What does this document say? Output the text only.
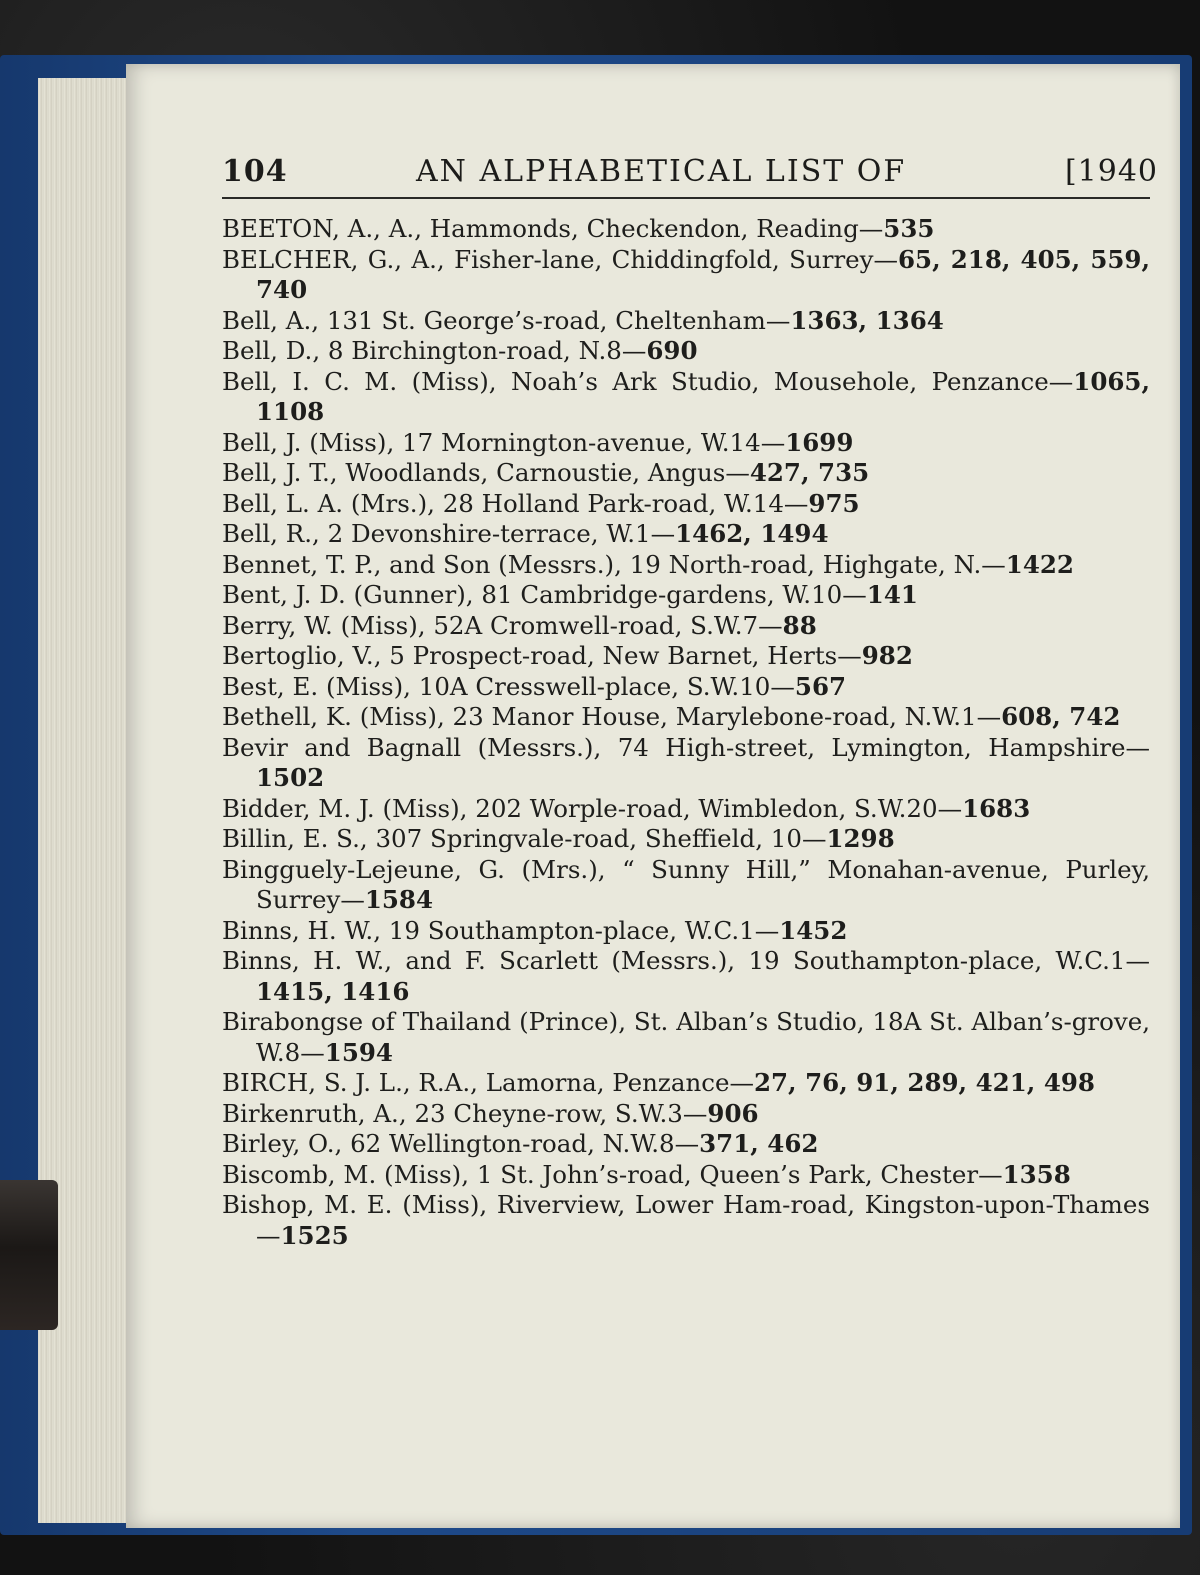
104	AN ALPHABETICAL LIST OF	[1940
BEETON, A., A., Hammonds, Checkendon, Reading—535
BELCHER, G., A., Fisher-lane, Chiddingfold, Surrey—65, 218, 405, 559, 740
Bell, A., 131 St. George’s-road, Cheltenham—1363, 1364
Bell, D., 8 Birchington-road, N.8—690
Bell, I. C. M. (Miss), Noah’s Ark Studio, Mousehole, Penzance—1065, 1108
Bell, J. (Miss), 17 Mornington-avenue, W.14—1699
Bell, J. T., Woodlands, Carnoustie, Angus—427, 735
Bell, L. A. (Mrs.), 28 Holland Park-road, W.14—975
Bell, R., 2 Devonshire-terrace, W.1—1462, 1494
Bennet, T. P., and Son (Messrs.), 19 North-road, Highgate, N.—1422
Bent, J. D. (Gunner), 81 Cambridge-gardens, W.10—141
Berry, W. (Miss), 52A Cromwell-road, S.W.7—88
Bertoglio, V., 5 Prospect-road, New Barnet, Herts—982
Best, E. (Miss), 10A Cresswell-place, S.W.10—567
Bethell, K. (Miss), 23 Manor House, Marylebone-road, N.W.1—608, 742
Bevir and Bagnall (Messrs.), 74 High-street, Lymington, Hampshire—1502
Bidder, M. J. (Miss), 202 Worple-road, Wimbledon, S.W.20—1683
Billin, E. S., 307 Springvale-road, Sheffield, 10—1298
Bingguely-Lejeune, G. (Mrs.), “ Sunny Hill,” Monahan-avenue, Purley, Surrey—1584
Binns, H. W., 19 Southampton-place, W.C.1—1452
Binns, H. W., and F. Scarlett (Messrs.), 19 Southampton-place, W.C.1—1415, 1416
Birabongse of Thailand (Prince), St. Alban’s Studio, 18A St. Alban’s-grove, W.8—1594
BIRCH, S. J. L., R.A., Lamorna, Penzance—27, 76, 91, 289, 421, 498
Birkenruth, A., 23 Cheyne-row, S.W.3—906
Birley, O., 62 Wellington-road, N.W.8—371, 462
Biscomb, M. (Miss), 1 St. John’s-road, Queen’s Park, Chester—1358
Bishop, M. E. (Miss), Riverview, Lower Ham-road, Kingston-upon-Thames—1525
